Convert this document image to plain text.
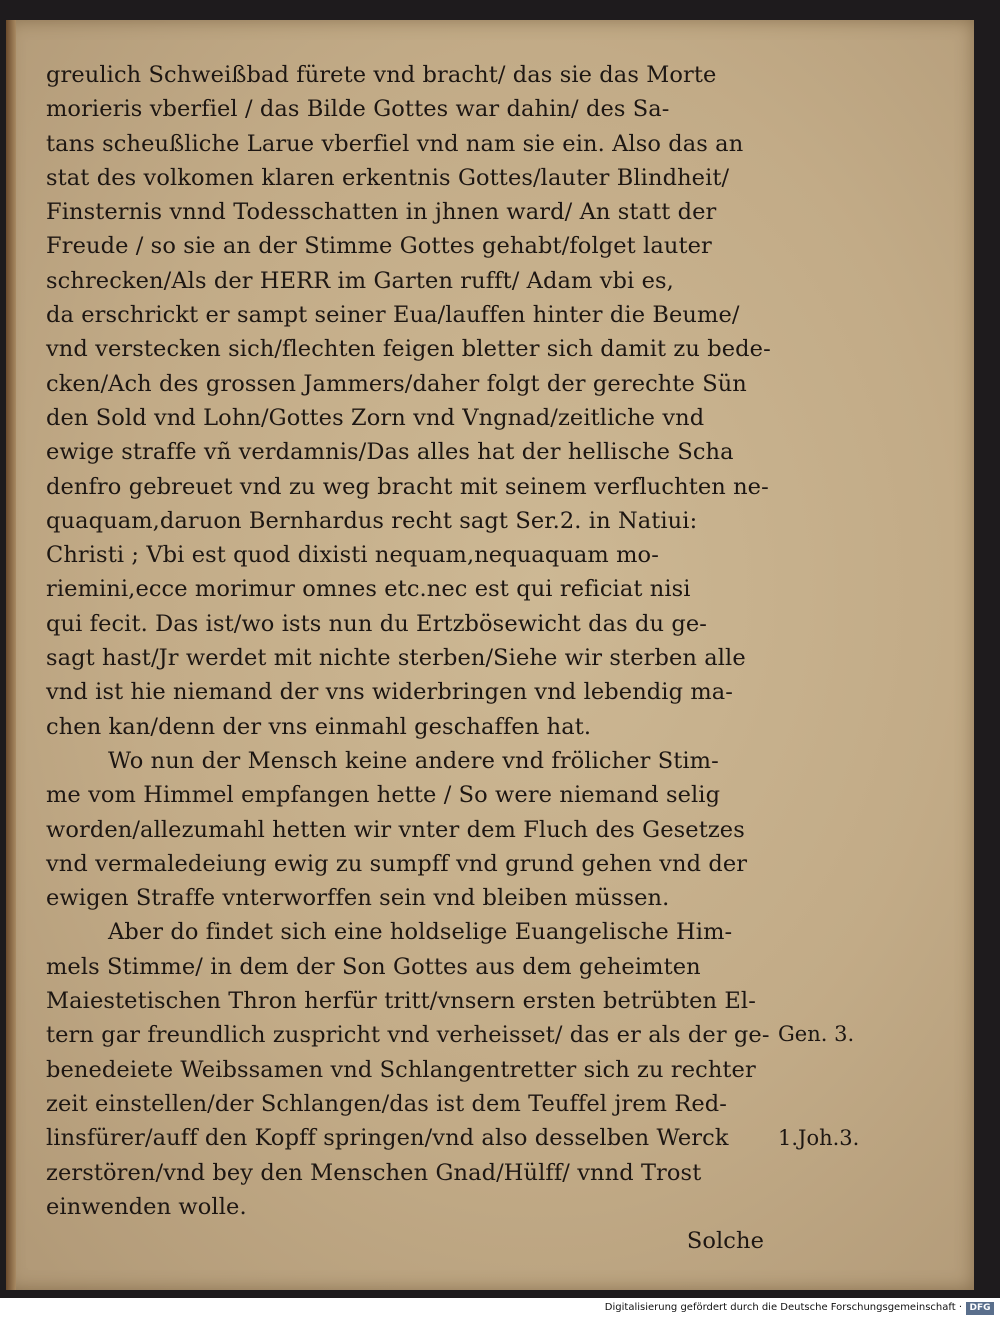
greulich Schweißbad fürete vnd bracht/ das sie das Morte
morieris vberfiel / das Bilde Gottes war dahin/ des Sa-
tans scheußliche Larue vberfiel vnd nam sie ein. Also das an
stat des volkomen klaren erkentnis Gottes/lauter Blindheit/
Finsternis vnnd Todesschatten in jhnen ward/ An statt der
Freude / so sie an der Stimme Gottes gehabt/folget lauter
schrecken/Als der HERR im Garten rufft/ Adam vbi es,
da erschrickt er sampt seiner Eua/lauffen hinter die Beume/
vnd verstecken sich/flechten feigen bletter sich damit zu bede-
cken/Ach des grossen Jammers/daher folgt der gerechte Sün
den Sold vnd Lohn/Gottes Zorn vnd Vngnad/zeitliche vnd
ewige straffe vñ verdamnis/Das alles hat der hellische Scha
denfro gebreuet vnd zu weg bracht mit seinem verfluchten ne-
quaquam,daruon Bernhardus recht sagt Ser.2. in Natiui:
Christi ; Vbi est quod dixisti nequam,nequaquam mo-
riemini,ecce morimur omnes etc.nec est qui reficiat nisi
qui fecit. Das ist/wo ists nun du Ertzbösewicht das du ge-
sagt hast/Jr werdet mit nichte sterben/Siehe wir sterben alle
vnd ist hie niemand der vns widerbringen vnd lebendig ma-
chen kan/denn der vns einmahl geschaffen hat.
Wo nun der Mensch keine andere vnd frölicher Stim-
me vom Himmel empfangen hette / So were niemand selig
worden/allezumahl hetten wir vnter dem Fluch des Gesetzes
vnd vermaledeiung ewig zu sumpff vnd grund gehen vnd der
ewigen Straffe vnterworffen sein vnd bleiben müssen.
Aber do findet sich eine holdselige Euangelische Him-
mels Stimme/ in dem der Son Gottes aus dem geheimten
Maiestetischen Thron herfür tritt/vnsern ersten betrübten El-
tern gar freundlich zuspricht vnd verheisset/ das er als der ge-
benedeiete Weibssamen vnd Schlangentretter sich zu rechter
zeit einstellen/der Schlangen/das ist dem Teuffel jrem Red-
linsfürer/auff den Kopff springen/vnd also desselben Werck
zerstören/vnd bey den Menschen Gnad/Hülff/ vnnd Trost
einwenden wolle.
Solche
Gen. 3.
1.Joh.3.
Digitalisierung gefördert durch die Deutsche Forschungsgemeinschaft · DFG
